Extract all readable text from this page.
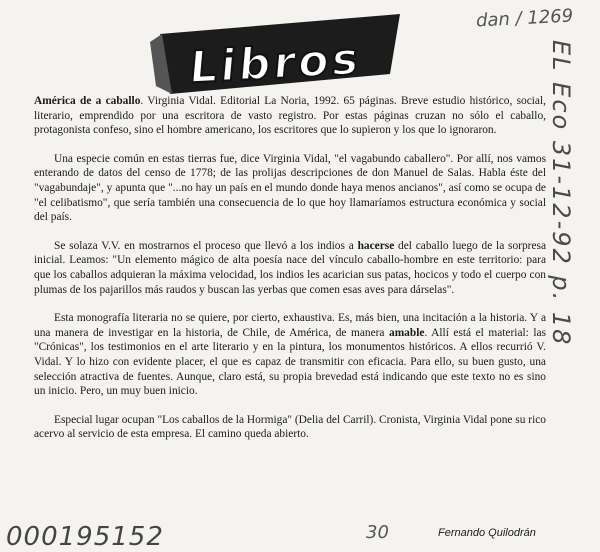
Libros
dan / 1269
EL Eco 31-12-92 p. 18

América de a caballo. Virginia Vidal. Editorial La Noria, 1992. 65 páginas. Breve estudio histórico, social, literario, emprendido por una escritora de vasto registro. Por estas páginas cruzan no sólo el caballo, protagonista confeso, sino el hombre americano, los escritores que lo supieron y los que lo ignoraron.

Una especie común en estas tierras fue, dice Virginia Vidal, "el vagabundo caballero". Por allí, nos vamos enterando de datos del censo de 1778; de las prolijas descripciones de don Manuel de Salas. Habla éste del "vagabundaje", y apunta que "...no hay un país en el mundo donde haya menos ancianos", así como se ocupa de "el celibatismo", que sería también una consecuencia de lo que hoy llamaríamos estructura económica y social del país.

Se solaza V.V. en mostrarnos el proceso que llevó a los indios a hacerse del caballo luego de la sorpresa inicial. Leamos: "Un elemento mágico de alta poesía nace del vínculo caballo-hombre en este territorio: para que los caballos adquieran la máxima velocidad, los indios les acarician sus patas, hocicos y todo el cuerpo con plumas de los pajarillos más raudos y buscan las yerbas que comen esas aves para dárselas".

Esta monografía literaria no se quiere, por cierto, exhaustiva. Es, más bien, una incitación a la historia. Y a una manera de investigar en la historia, de Chile, de América, de manera amable. Allí está el material: las "Crónicas", los testimonios en el arte literario y en la pintura, los monumentos históricos. A ellos recurrió V. Vidal. Y lo hizo con evidente placer, el que es capaz de transmitir con eficacia. Para ello, su buen gusto, una selección atractiva de fuentes. Aunque, claro está, su propia brevedad está indicando que este texto no es sino un inicio. Pero, un muy buen inicio.

Especial lugar ocupan "Los caballos de la Hormiga" (Delia del Carril). Cronista, Virginia Vidal pone su rico acervo al servicio de esta empresa. El camino queda abierto.

Fernando Quilodrán
000195152	30
